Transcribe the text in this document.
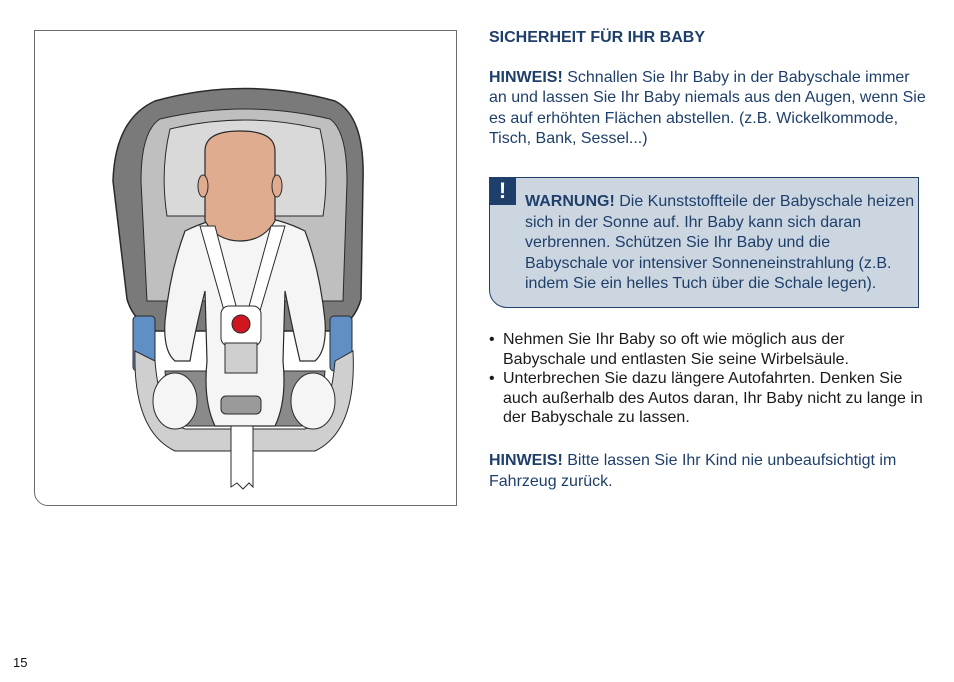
SICHERHEIT FÜR IHR BABY

HINWEIS! Schnallen Sie Ihr Baby in der Babyschale immer an und lassen Sie Ihr Baby niemals aus den Augen, wenn Sie es auf erhöhten Flächen abstellen. (z.B. Wickelkommode, Tisch, Bank, Sessel...)

!	WARNUNG! Die Kunststoffteile der Babyschale heizen sich in der Sonne auf. Ihr Baby kann sich daran verbrennen. Schützen Sie Ihr Baby und die Babyschale vor intensiver Sonneneinstrahlung (z.B. indem Sie ein helles Tuch über die Schale legen).
• Nehmen Sie Ihr Baby so oft wie möglich aus der Babyschale und entlasten Sie seine Wirbelsäule.
• Unterbrechen Sie dazu längere Autofahrten. Denken Sie auch außerhalb des Autos daran, Ihr Baby nicht zu lange in der Babyschale zu lassen.

HINWEIS! Bitte lassen Sie Ihr Kind nie unbeaufsichtigt im Fahrzeug zurück.

15
